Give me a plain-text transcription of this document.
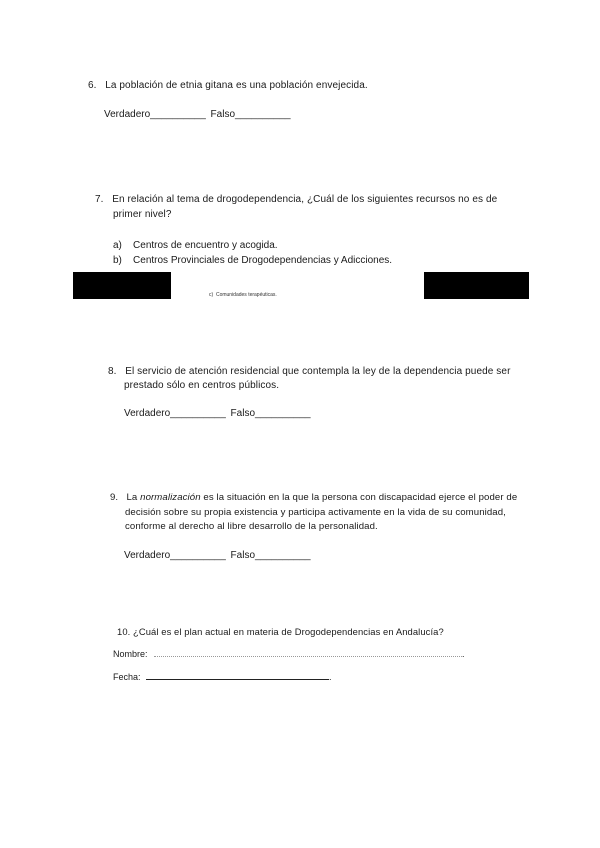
6. La población de etnia gitana es una población envejecida.
Verdadero__________ Falso__________
7. En relación al tema de drogodependencia, ¿Cuál de los siguientes recursos no es de
primer nivel?
a) Centros de encuentro y acogida.
b) Centros Provinciales de Drogodependencias y Adicciones.
c) Comunidades terapéuticas.
8. El servicio de atención residencial que contempla la ley de la dependencia puede ser
prestado sólo en centros públicos.
Verdadero__________ Falso__________
9. La normalización es la situación en la que la persona con discapacidad ejerce el poder de
decisión sobre su propia existencia y participa activamente en la vida de su comunidad,
conforme al derecho al libre desarrollo de la personalidad.
Verdadero__________ Falso__________
10. ¿Cuál es el plan actual en materia de Drogodependencias en Andalucía?
Nombre:	.
Fecha:	.
